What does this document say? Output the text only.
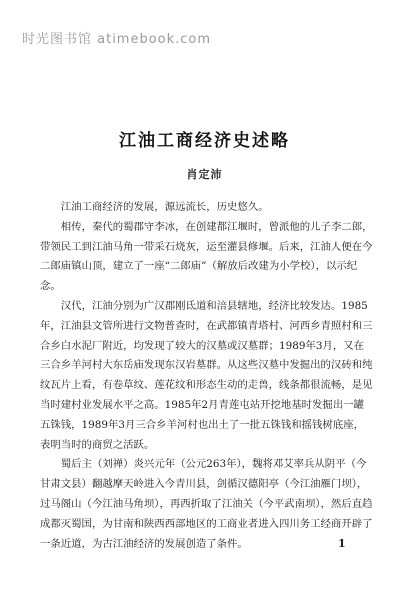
时光图书馆 atimebook.com
江油工商经济史述略
肖定沛

江油工商经济的发展，源远流长，历史悠久。

相传，秦代的蜀郡守李冰，在创建都江堰时，曾派他的儿子李二郎，带领民工到江油马角一带采石烧灰，运至灌县修堰。后来，江油人便在今二郎庙镇山顶，建立了一座“二郎庙”（解放后改建为小学校），以示纪念。

汉代，江油分别为广汉郡刚氐道和涪县辖地，经济比较发达。1985年，江油县文管所进行文物普查时，在武都镇青塔村、河西乡青照村和三合乡白水泥厂附近，均发现了较大的汉墓或汉墓群；1989年3月，又在三合乡羊河村大东岳庙发现东汉岩墓群。从这些汉墓中发掘出的汉砖和纯纹瓦片上看，有卷草纹、莲花纹和形态生动的走兽，线条都很流畅，是见当时建村业发展水平之高。1985年2月青莲屯站开挖地基时发掘出一罐五铢钱，1989年3月三合乡羊河村也出土了一批五铢钱和摇钱树底座，表明当时的商贸之活跃。

蜀后主（刘禅）炎兴元年（公元263年），魏将邓艾率兵从阴平（今甘肃文县）翻越摩天岭进入今青川县，剑循汉德阳亭（今江油雁门坝），过马阁山（今江油马角坝），再西折取了江油关（今平武南坝），然后直趋成都灭蜀国，为甘南和陕西西部地区的工商业者进入四川务工经商开辟了一条近道，为古江油经济的发展创造了条件。	1
